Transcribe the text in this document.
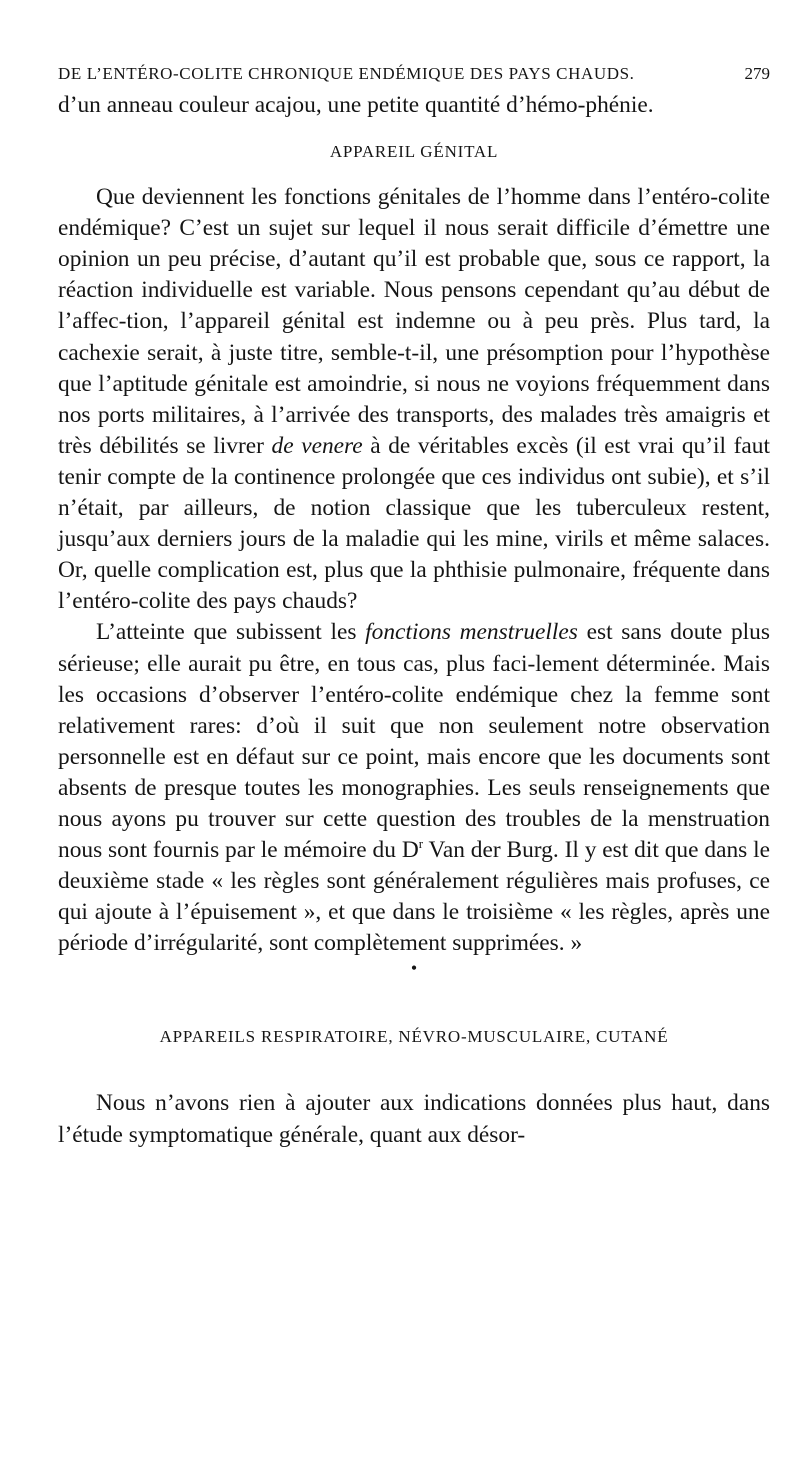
DE L’ENTÉRO-COLITE CHRONIQUE ENDÉMIQUE DES PAYS CHAUDS.	279

d’un anneau couleur acajou, une petite quantité d’hémo-phénie.

APPAREIL GÉNITAL

Que deviennent les fonctions génitales de l’homme dans l’entéro-colite endémique? C’est un sujet sur lequel il nous serait difficile d’émettre une opinion un peu précise, d’autant qu’il est probable que, sous ce rapport, la réaction individuelle est variable. Nous pensons cependant qu’au début de l’affec-tion, l’appareil génital est indemne ou à peu près. Plus tard, la cachexie serait, à juste titre, semble-t-il, une présomption pour l’hypothèse que l’aptitude génitale est amoindrie, si nous ne voyions fréquemment dans nos ports militaires, à l’arrivée des transports, des malades très amaigris et très débilités se livrer de venere à de véritables excès (il est vrai qu’il faut tenir compte de la continence prolongée que ces individus ont subie), et s’il n’était, par ailleurs, de notion classique que les tuberculeux restent, jusqu’aux derniers jours de la maladie qui les mine, virils et même salaces. Or, quelle complication est, plus que la phthisie pulmonaire, fréquente dans l’entéro-colite des pays chauds?

L’atteinte que subissent les fonctions menstruelles est sans doute plus sérieuse; elle aurait pu être, en tous cas, plus faci-lement déterminée. Mais les occasions d’observer l’entéro-colite endémique chez la femme sont relativement rares: d’où il suit que non seulement notre observation personnelle est en défaut sur ce point, mais encore que les documents sont absents de presque toutes les monographies. Les seuls renseignements que nous ayons pu trouver sur cette question des troubles de la menstruation nous sont fournis par le mémoire du $D^r$ Van der Burg. Il y est dit que dans le deuxième stade « les règles sont généralement régulières mais profuses, ce qui ajoute à l’épuisement », et que dans le troisième « les règles, après une période d’irrégularité, sont complètement supprimées. »

•
APPAREILS RESPIRATOIRE, NÉVRO-MUSCULAIRE, CUTANÉ

Nous n’avons rien à ajouter aux indications données plus haut, dans l’étude symptomatique générale, quant aux désor-
